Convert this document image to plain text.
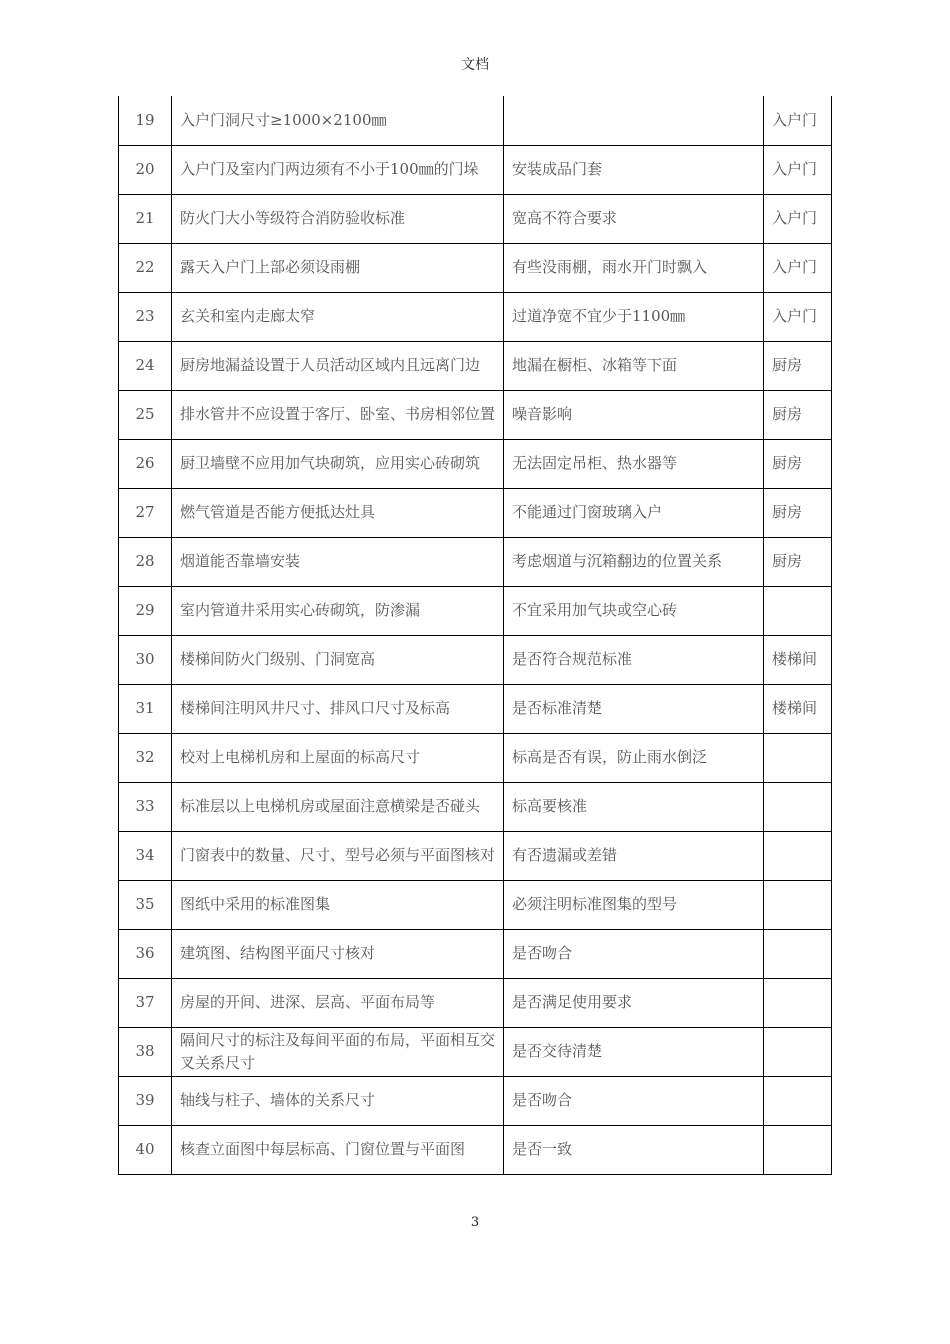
文档
19	入户门洞尺寸≥1000×2100㎜		入户门
20	入户门及室内门两边须有不小于100㎜的门垛	安装成品门套	入户门
21	防火门大小等级符合消防验收标准	宽高不符合要求	入户门
22	露天入户门上部必须设雨棚	有些没雨棚，雨水开门时飘入	入户门
23	玄关和室内走廊太窄	过道净宽不宜少于1100㎜	入户门
24	厨房地漏益设置于人员活动区域内且远离门边	地漏在橱柜、冰箱等下面	厨房
25	排水管井不应设置于客厅、卧室、书房相邻位置	噪音影响	厨房
26	厨卫墙壁不应用加气块砌筑，应用实心砖砌筑	无法固定吊柜、热水器等	厨房
27	燃气管道是否能方便抵达灶具	不能通过门窗玻璃入户	厨房
28	烟道能否靠墙安装	考虑烟道与沉箱翻边的位置关系	厨房
29	室内管道井采用实心砖砌筑，防渗漏	不宜采用加气块或空心砖	
30	楼梯间防火门级别、门洞宽高	是否符合规范标准	楼梯间
31	楼梯间注明风井尺寸、排风口尺寸及标高	是否标准清楚	楼梯间
32	校对上电梯机房和上屋面的标高尺寸	标高是否有误，防止雨水倒泛	
33	标准层以上电梯机房或屋面注意横梁是否碰头	标高要核准	
34	门窗表中的数量、尺寸、型号必须与平面图核对	有否遗漏或差错	
35	图纸中采用的标准图集	必须注明标准图集的型号	
36	建筑图、结构图平面尺寸核对	是否吻合	
37	房屋的开间、进深、层高、平面布局等	是否满足使用要求	
38	隔间尺寸的标注及每间平面的布局，平面相互交叉关系尺寸	是否交待清楚	
39	轴线与柱子、墙体的关系尺寸	是否吻合	
40	核查立面图中每层标高、门窗位置与平面图	是否一致	
3
